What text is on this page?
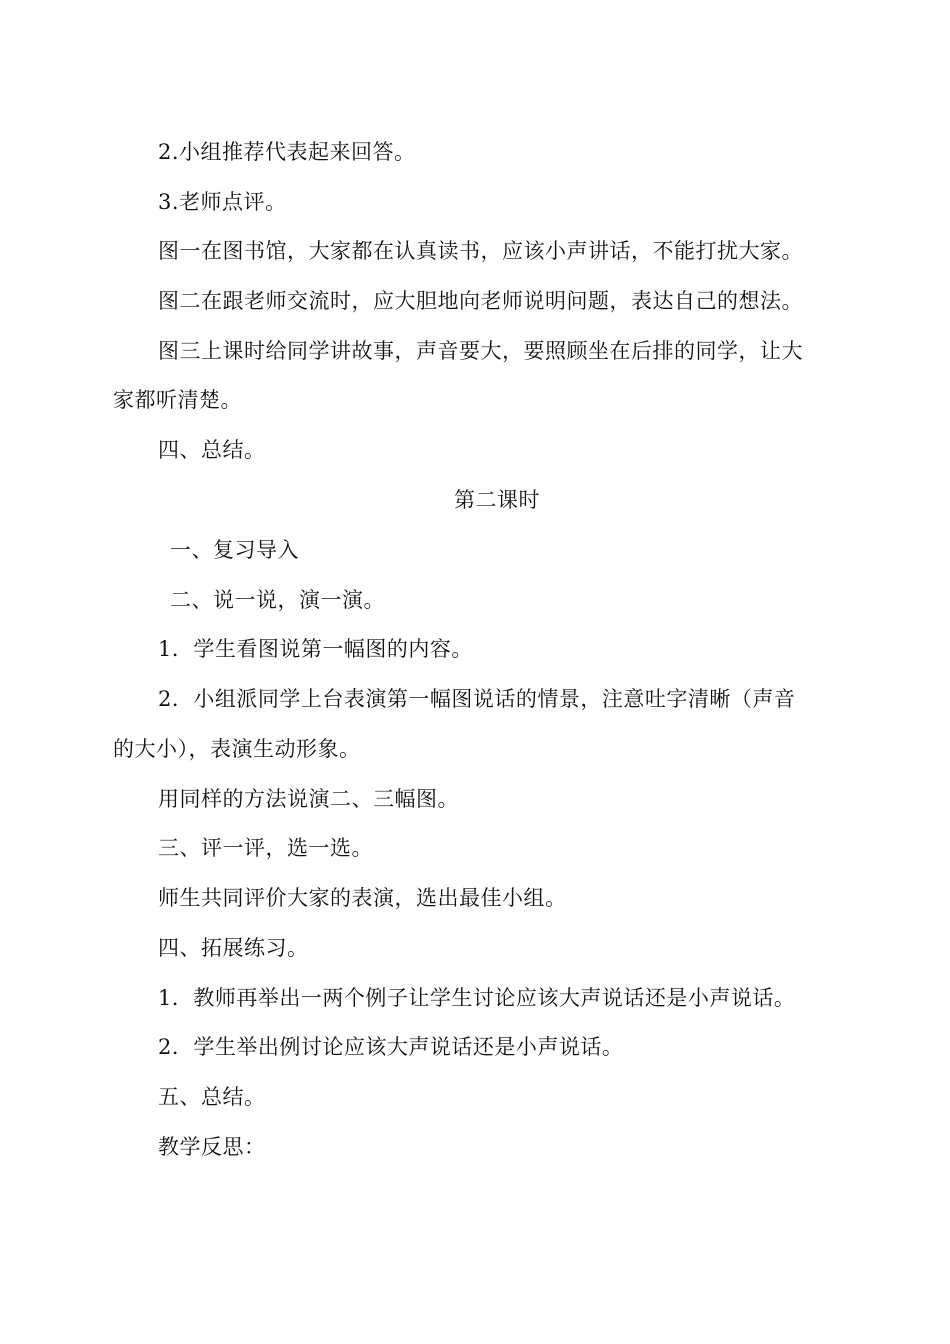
2.小组推荐代表起来回答。
3.老师点评。
图一在图书馆，大家都在认真读书，应该小声讲话，不能打扰大家。
图二在跟老师交流时，应大胆地向老师说明问题，表达自己的想法。
图三上课时给同学讲故事，声音要大，要照顾坐在后排的同学，让大
家都听清楚。
四、总结。
第二课时
一、复习导入
二、说一说，演一演。
1．学生看图说第一幅图的内容。
2．小组派同学上台表演第一幅图说话的情景，注意吐字清晰（声音
的大小），表演生动形象。
用同样的方法说演二、三幅图。
三、评一评，选一选。
师生共同评价大家的表演，选出最佳小组。
四、拓展练习。
1．教师再举出一两个例子让学生讨论应该大声说话还是小声说话。
2．学生举出例讨论应该大声说话还是小声说话。
五、总结。
教学反思：
